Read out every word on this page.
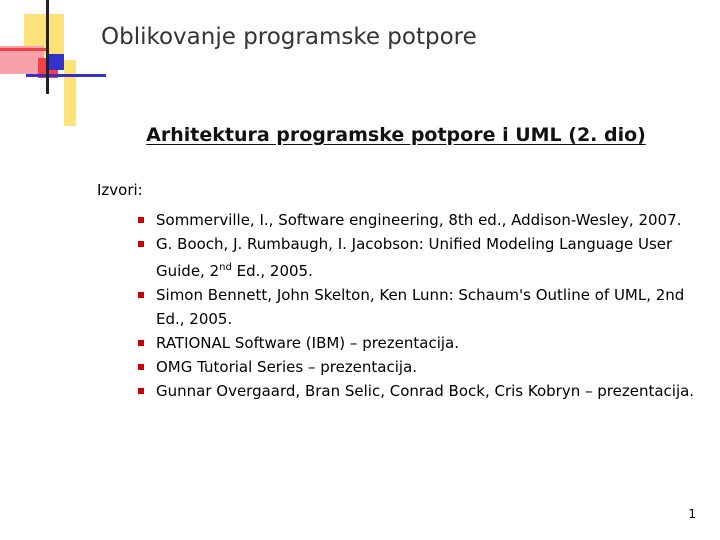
Oblikovanje programske potpore
Arhitektura programske potpore i UML (2. dio)
Izvori:
Sommerville, I., Software engineering, 8th ed., Addison-Wesley, 2007.
G. Booch, J. Rumbaugh, I. Jacobson: Unified Modeling Language User Guide, 2nd Ed., 2005.
Simon Bennett, John Skelton, Ken Lunn: Schaum's Outline of UML, 2nd Ed., 2005.
RATIONAL Software (IBM) – prezentacija.
OMG Tutorial Series – prezentacija.
Gunnar Overgaard, Bran Selic, Conrad Bock, Cris Kobryn – prezentacija.
1
